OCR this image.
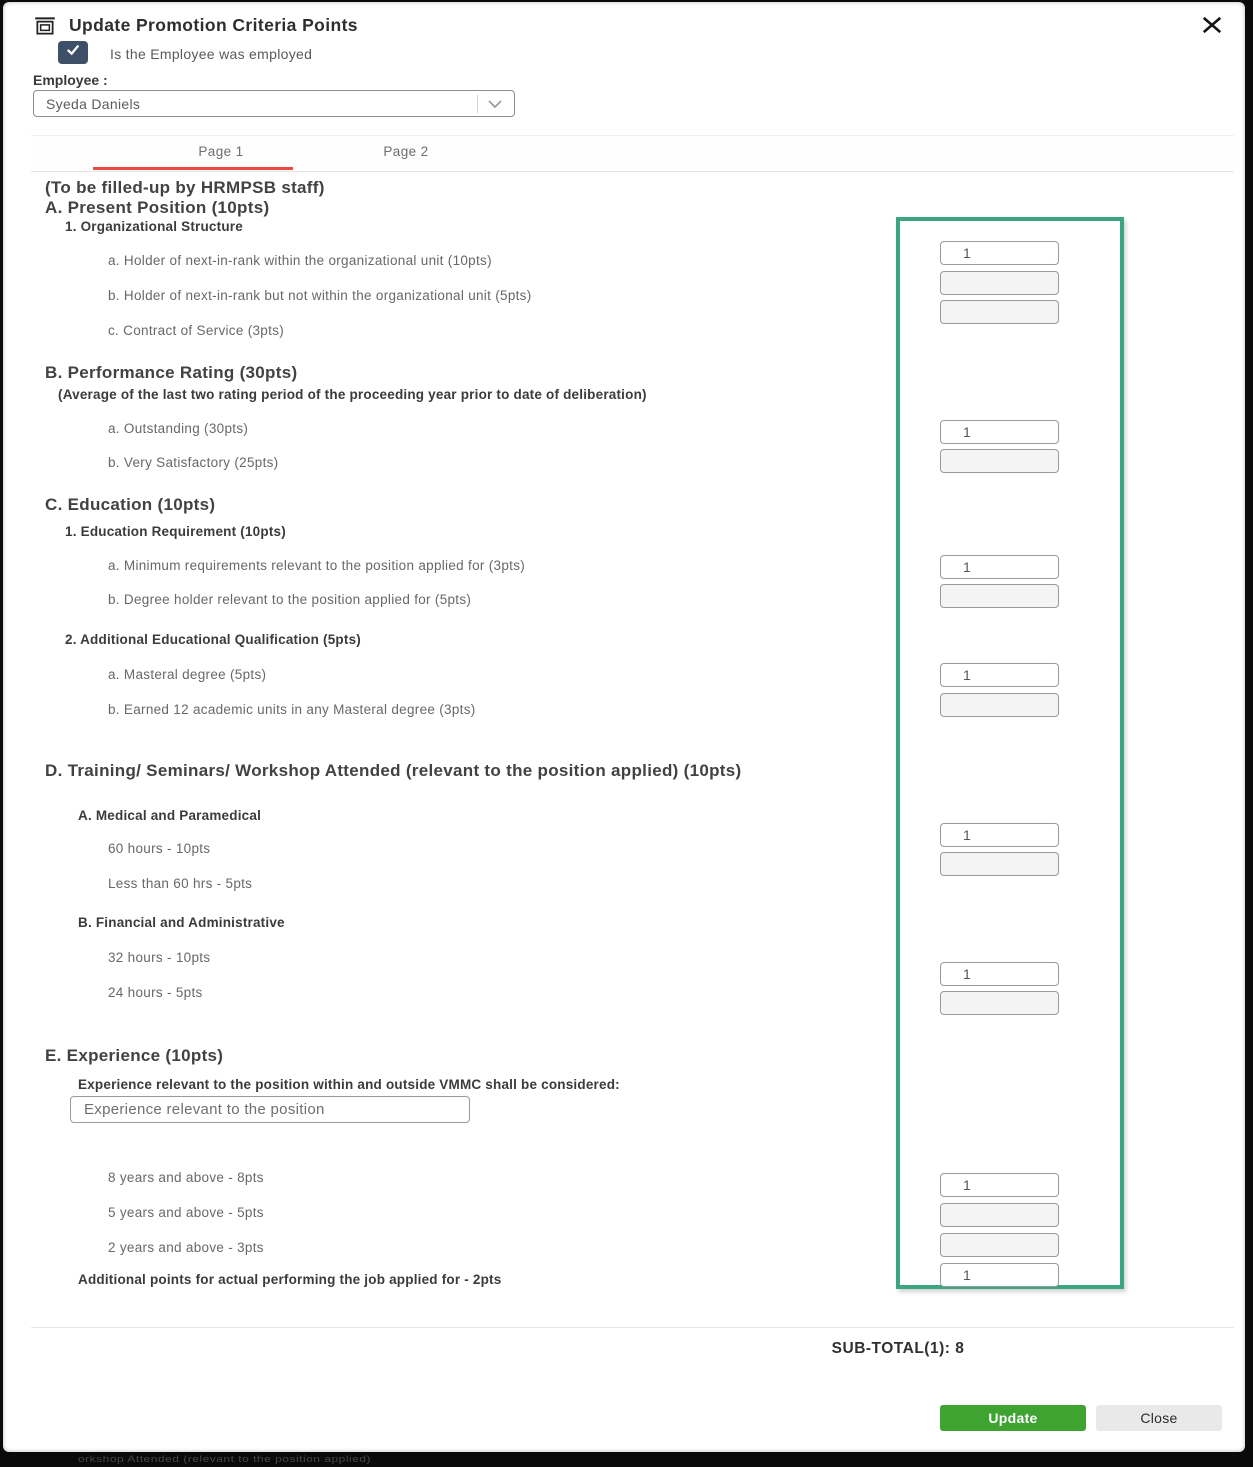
Update Promotion Criteria Points
Is the Employee was employed
Employee :
Syeda Daniels
Page 1	Page 2
(To be filled-up by HRMPSB staff)
A. Present Position (10pts)
1. Organizational Structure
a. Holder of next-in-rank within the organizational unit (10pts)
b. Holder of next-in-rank but not within the organizational unit (5pts)
c. Contract of Service (3pts)
B. Performance Rating (30pts)
(Average of the last two rating period of the proceeding year prior to date of deliberation)
a. Outstanding (30pts)
b. Very Satisfactory (25pts)
C. Education (10pts)
1. Education Requirement (10pts)
a. Minimum requirements relevant to the position applied for (3pts)
b. Degree holder relevant to the position applied for (5pts)
2. Additional Educational Qualification (5pts)
a. Masteral degree (5pts)
b. Earned 12 academic units in any Masteral degree (3pts)
D. Training/ Seminars/ Workshop Attended (relevant to the position applied) (10pts)
A. Medical and Paramedical
60 hours - 10pts
Less than 60 hrs - 5pts
B. Financial and Administrative
32 hours - 10pts
24 hours - 5pts
E. Experience (10pts)
Experience relevant to the position within and outside VMMC shall be considered:
Experience relevant to the position
8 years and above - 8pts
5 years and above - 5pts
2 years and above - 3pts
Additional points for actual performing the job applied for - 2pts
1
1
1
1
1
1
1
1
SUB-TOTAL(1): 8
Update	Close
orkshop Attended (relevant to the position applied)
